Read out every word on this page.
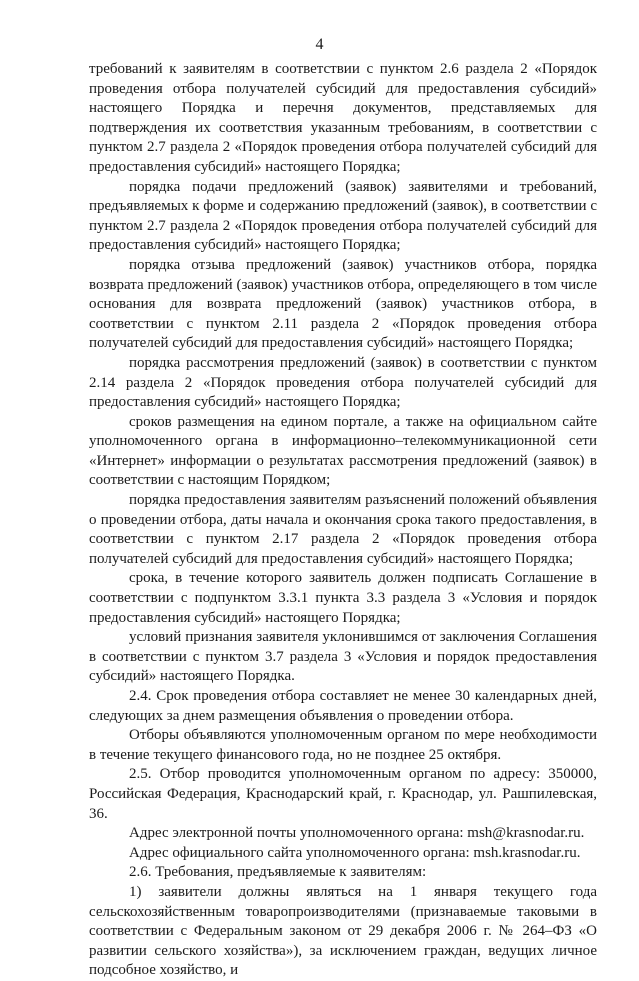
4

требований к заявителям в соответствии с пунктом 2.6 раздела 2 «Порядок проведения отбора получателей субсидий для предоставления субсидий» настоящего Порядка и перечня документов, представляемых для подтверждения их соответствия указанным требованиям, в соответствии с пунктом 2.7 раздела 2 «Порядок проведения отбора получателей субсидий для предоставления субсидий» настоящего Порядка;

порядка подачи предложений (заявок) заявителями и требований, предъявляемых к форме и содержанию предложений (заявок), в соответствии с пунктом 2.7 раздела 2 «Порядок проведения отбора получателей субсидий для предоставления субсидий» настоящего Порядка;

порядка отзыва предложений (заявок) участников отбора, порядка возврата предложений (заявок) участников отбора, определяющего в том числе основания для возврата предложений (заявок) участников отбора, в соответствии с пунктом 2.11 раздела 2 «Порядок проведения отбора получателей субсидий для предоставления субсидий» настоящего Порядка;

порядка рассмотрения предложений (заявок) в соответствии с пунктом 2.14 раздела 2 «Порядок проведения отбора получателей субсидий для предоставления субсидий» настоящего Порядка;

сроков размещения на едином портале, а также на официальном сайте уполномоченного органа в информационно–телекоммуникационной сети «Интернет» информации о результатах рассмотрения предложений (заявок) в соответствии с настоящим Порядком;

порядка предоставления заявителям разъяснений положений объявления о проведении отбора, даты начала и окончания срока такого предоставления, в соответствии с пунктом 2.17 раздела 2 «Порядок проведения отбора получателей субсидий для предоставления субсидий» настоящего Порядка;

срока, в течение которого заявитель должен подписать Соглашение в соответствии с подпунктом 3.3.1 пункта 3.3 раздела 3 «Условия и порядок предоставления субсидий» настоящего Порядка;

условий признания заявителя уклонившимся от заключения Соглашения в соответствии с пунктом 3.7 раздела 3 «Условия и порядок предоставления субсидий» настоящего Порядка.

2.4. Срок проведения отбора составляет не менее 30 календарных дней, следующих за днем размещения объявления о проведении отбора.

Отборы объявляются уполномоченным органом по мере необходимости в течение текущего финансового года, но не позднее 25 октября.

2.5. Отбор проводится уполномоченным органом по адресу: 350000, Российская Федерация, Краснодарский край, г. Краснодар, ул. Рашпилевская, 36.

Адрес электронной почты уполномоченного органа: msh@krasnodar.ru.

Адрес официального сайта уполномоченного органа: msh.krasnodar.ru.

2.6. Требования, предъявляемые к заявителям:

1) заявители должны являться на 1 января текущего года сельскохозяйственным товаропроизводителями (признаваемые таковыми в соответствии с Федеральным законом от 29 декабря 2006 г. № 264–ФЗ «О развитии сельского хозяйства»), за исключением граждан, ведущих личное подсобное хозяйство, и
